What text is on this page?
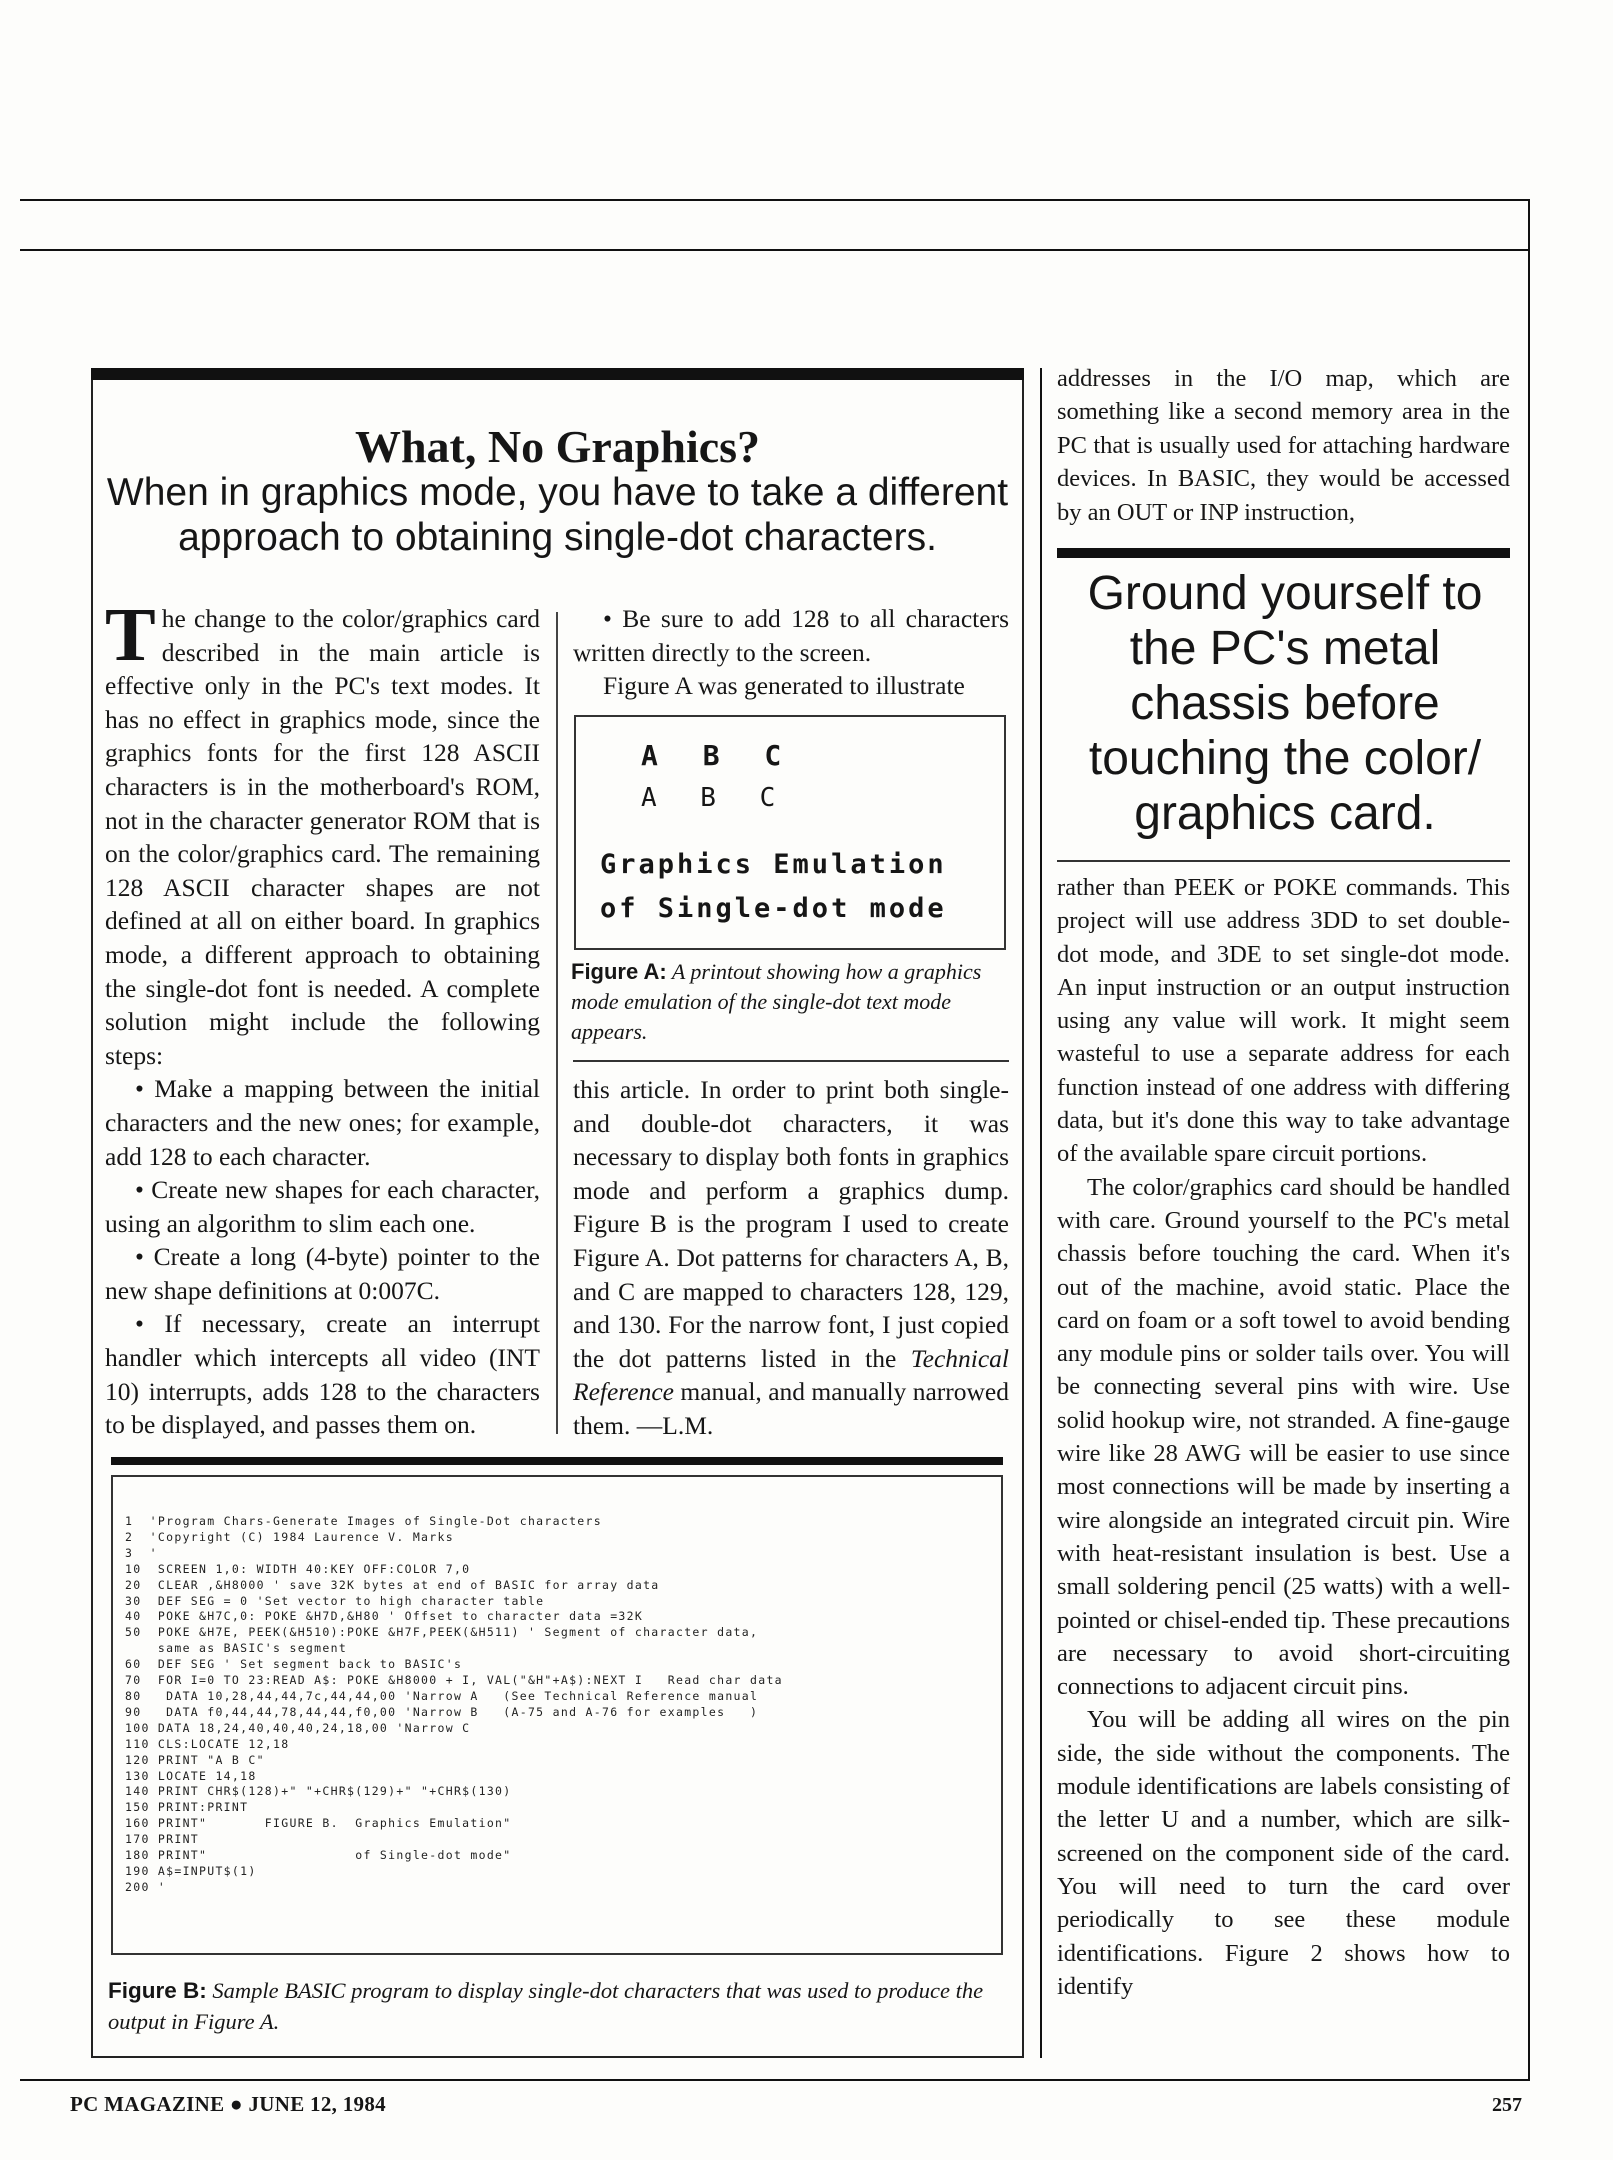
What, No Graphics?
When in graphics mode, you have to take a different
approach to obtaining single-dot characters.

The change to the color/graphics card described in the main article is effective only in the PC's text modes. It has no effect in graphics mode, since the graphics fonts for the first 128 ASCII characters is in the motherboard's ROM, not in the character generator ROM that is on the color/graphics card. The remaining 128 ASCII character shapes are not defined at all on either board. In graphics mode, a different approach to obtaining the single-dot font is needed. A complete solution might include the following steps:

• Make a mapping between the initial characters and the new ones; for example, add 128 to each character.

• Create new shapes for each character, using an algorithm to slim each one.

• Create a long (4-byte) pointer to the new shape definitions at 0:007C.

• If necessary, create an interrupt handler which intercepts all video (INT 10) interrupts, adds 128 to the characters to be displayed, and passes them on.

• Be sure to add 128 to all characters written directly to the screen.

Figure A was generated to illustrate

A B C
A B C
Graphics Emulation
of Single-dot mode
Figure A: A printout showing how a graphics mode emulation of the single-dot text mode appears.

this article. In order to print both single- and double-dot characters, it was necessary to display both fonts in graphics mode and perform a graphics dump. Figure B is the program I used to create Figure A. Dot patterns for characters A, B, and C are mapped to characters 128, 129, and 130. For the narrow font, I just copied the dot patterns listed in the Technical Reference manual, and manually narrowed them. —L.M.

1  'Program Chars-Generate Images of Single-Dot characters
2  'Copyright (C) 1984 Laurence V. Marks
3  '
10  SCREEN 1,0: WIDTH 40:KEY OFF:COLOR 7,0
20  CLEAR ,&H8000 ' save 32K bytes at end of BASIC for array data
30  DEF SEG = 0 'Set vector to high character table
40  POKE &H7C,0: POKE &H7D,&H80 ' Offset to character data =32K
50  POKE &H7E, PEEK(&H510):POKE &H7F,PEEK(&H511) ' Segment of character data,
same as BASIC's segment
60  DEF SEG ' Set segment back to BASIC's
70  FOR I=0 TO 23:READ A$: POKE &H8000 + I, VAL("&H"+A$):NEXT I   Read char data
80   DATA 10,28,44,44,7c,44,44,00 'Narrow A   (See Technical Reference manual
90   DATA f0,44,44,78,44,44,f0,00 'Narrow B   (A-75 and A-76 for examples   )
100 DATA 18,24,40,40,40,24,18,00 'Narrow C
110 CLS:LOCATE 12,18
120 PRINT "A B C"
130 LOCATE 14,18
140 PRINT CHR$(128)+" "+CHR$(129)+" "+CHR$(130)
150 PRINT:PRINT
160 PRINT"       FIGURE B.  Graphics Emulation"
170 PRINT
180 PRINT"                  of Single-dot mode"
190 A$=INPUT$(1)
200 '
Figure B: Sample BASIC program to display single-dot characters that was used to produce the output in Figure A.

addresses in the I/O map, which are something like a second memory area in the PC that is usually used for attaching hardware devices. In BASIC, they would be accessed by an OUT or INP instruction,

Ground yourself to the PC's metal chassis before touching the color/ graphics card.

rather than PEEK or POKE commands. This project will use address 3DD to set double-dot mode, and 3DE to set single-dot mode. An input instruction or an output instruction using any value will work. It might seem wasteful to use a separate address for each function instead of one address with differing data, but it's done this way to take advantage of the available spare circuit portions.

The color/graphics card should be handled with care. Ground yourself to the PC's metal chassis before touching the card. When it's out of the machine, avoid static. Place the card on foam or a soft towel to avoid bending any module pins or solder tails over. You will be connecting several pins with wire. Use solid hookup wire, not stranded. A fine-gauge wire like 28 AWG will be easier to use since most connections will be made by inserting a wire alongside an integrated circuit pin. Wire with heat-resistant insulation is best. Use a small soldering pencil (25 watts) with a well-pointed or chisel-ended tip. These precautions are necessary to avoid short-circuiting connections to adjacent circuit pins.

You will be adding all wires on the pin side, the side without the components. The module identifications are labels consisting of the letter U and a number, which are silk-screened on the component side of the card. You will need to turn the card over periodically to see these module identifications. Figure 2 shows how to identify

PC MAGAZINE ● JUNE 12, 1984	257
